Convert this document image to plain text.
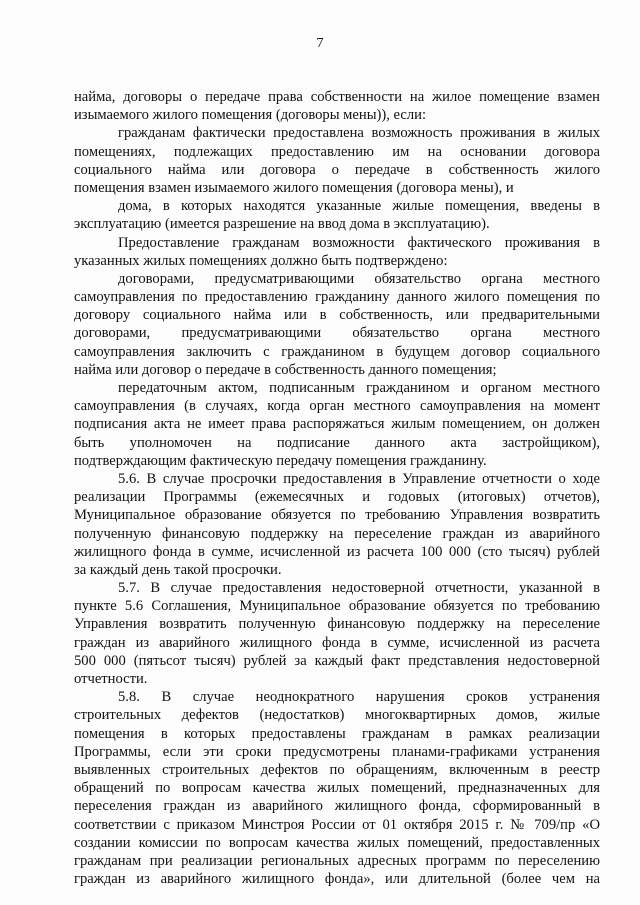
7
найма, договоры о передаче права собственности на жилое помещение взамен
изымаемого жилого помещения (договоры мены)), если:
гражданам фактически предоставлена возможность проживания в жилых
помещениях, подлежащих предоставлению им на основании договора
социального найма или договора о передаче в собственность жилого
помещения взамен изымаемого жилого помещения (договора мены), и
дома, в которых находятся указанные жилые помещения, введены в
эксплуатацию (имеется разрешение на ввод дома в эксплуатацию).
Предоставление гражданам возможности фактического проживания в
указанных жилых помещениях должно быть подтверждено:
договорами, предусматривающими обязательство органа местного
самоуправления по предоставлению гражданину данного жилого помещения по
договору социального найма или в собственность, или предварительными
договорами, предусматривающими обязательство органа местного
самоуправления заключить с гражданином в будущем договор социального
найма или договор о передаче в собственность данного помещения;
передаточным актом, подписанным гражданином и органом местного
самоуправления (в случаях, когда орган местного самоуправления на момент
подписания акта не имеет права распоряжаться жилым помещением, он должен
быть уполномочен на подписание данного акта застройщиком),
подтверждающим фактическую передачу помещения гражданину.
5.6. В случае просрочки предоставления в Управление отчетности о ходе
реализации Программы (ежемесячных и годовых (итоговых) отчетов),
Муниципальное образование обязуется по требованию Управления возвратить
полученную финансовую поддержку на переселение граждан из аварийного
жилищного фонда в сумме, исчисленной из расчета 100 000 (сто тысяч) рублей
за каждый день такой просрочки.
5.7. В случае предоставления недостоверной отчетности, указанной в
пункте 5.6 Соглашения, Муниципальное образование обязуется по требованию
Управления возвратить полученную финансовую поддержку на переселение
граждан из аварийного жилищного фонда в сумме, исчисленной из расчета
500 000 (пятьсот тысяч) рублей за каждый факт представления недостоверной
отчетности.
5.8. В случае неоднократного нарушения сроков устранения
строительных дефектов (недостатков) многоквартирных домов, жилые
помещения в которых предоставлены гражданам в рамках реализации
Программы, если эти сроки предусмотрены планами-графиками устранения
выявленных строительных дефектов по обращениям, включенным в реестр
обращений по вопросам качества жилых помещений, предназначенных для
переселения граждан из аварийного жилищного фонда, сформированный в
соответствии с приказом Минстроя России от 01 октября 2015 г. № 709/пр «О
создании комиссии по вопросам качества жилых помещений, предоставленных
гражданам при реализации региональных адресных программ по переселению
граждан из аварийного жилищного фонда», или длительной (более чем на
